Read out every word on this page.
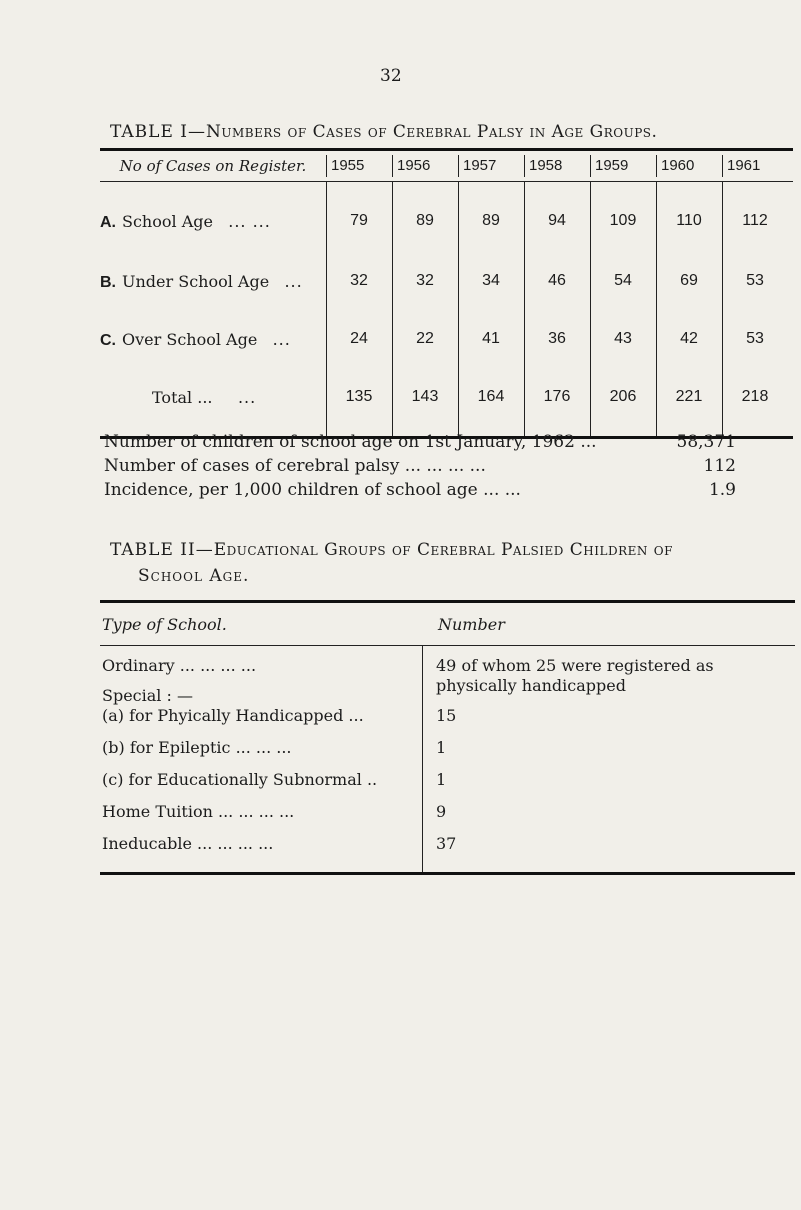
32
TABLE I—Numbers of Cases of Cerebral Palsy in Age Groups.
No of Cases on Register.	1955	1956	1957	1958	1959	1960	1961
A. School Age ... ...	79	89	89	94	109	110	112
B. Under School Age ...	32	32	34	46	54	69	53
C. Over School Age ...	24	22	41	36	43	42	53
Total ... ...	135	143	164	176	206	221	218
Number of children of school age on 1st January, 1962 ...	58,371
Number of cases of cerebral palsy ... ... ... ...	112
Incidence, per 1,000 children of school age ... ...	1.9
TABLE II—Educational Groups of Cerebral Palsied Children of
School Age.
Type of School.	Number
Ordinary ... ... ... ...	49 of whom 25 were registered as physically handicapped
Special : —
(a) for Phyically Handicapped ...	15
(b) for Epileptic ... ... ...	1
(c) for Educationally Subnormal ..	1
Home Tuition ... ... ... ...	9
Ineducable ... ... ... ...	37
